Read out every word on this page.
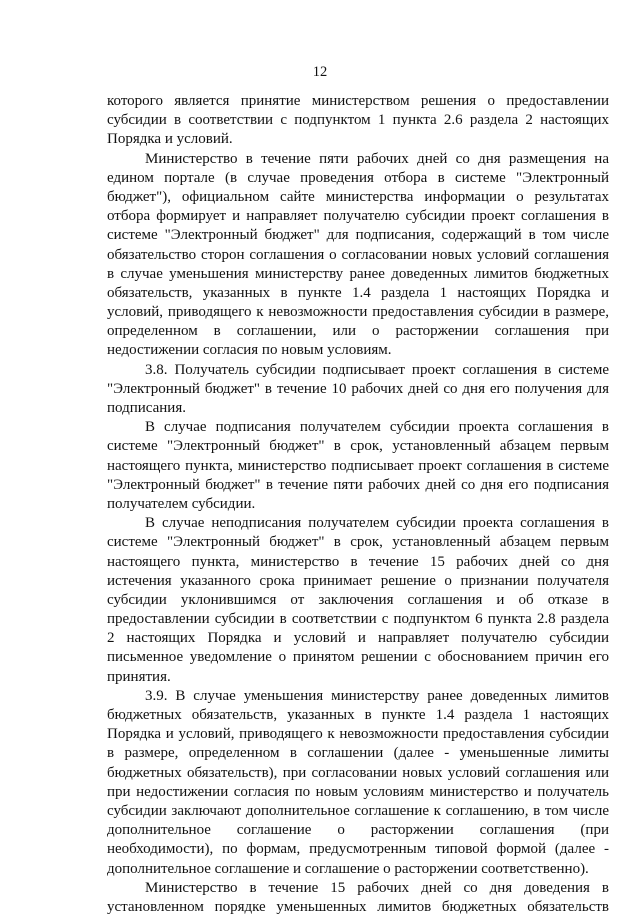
12
которого является принятие министерством решения о предоставлении
субсидии в соответствии с подпунктом 1 пункта 2.6 раздела 2 настоящих
Порядка и условий.
Министерство в течение пяти рабочих дней со дня размещения на
едином портале (в случае проведения отбора в системе "Электронный
бюджет"), официальном сайте министерства информации о результатах
отбора формирует и направляет получателю субсидии проект соглашения в
системе "Электронный бюджет" для подписания, содержащий в том числе
обязательство сторон соглашения о согласовании новых условий соглашения
в случае уменьшения министерству ранее доведенных лимитов бюджетных
обязательств, указанных в пункте 1.4 раздела 1 настоящих Порядка и
условий, приводящего к невозможности предоставления субсидии в размере,
определенном в соглашении, или о расторжении соглашения при
недостижении согласия по новым условиям.
3.8. Получатель субсидии подписывает проект соглашения в системе
"Электронный бюджет" в течение 10 рабочих дней со дня его получения для
подписания.
В случае подписания получателем субсидии проекта соглашения в
системе "Электронный бюджет" в срок, установленный абзацем первым
настоящего пункта, министерство подписывает проект соглашения в системе
"Электронный бюджет" в течение пяти рабочих дней со дня его подписания
получателем субсидии.
В случае неподписания получателем субсидии проекта соглашения в
системе "Электронный бюджет" в срок, установленный абзацем первым
настоящего пункта, министерство в течение 15 рабочих дней со дня
истечения указанного срока принимает решение о признании получателя
субсидии уклонившимся от заключения соглашения и об отказе в
предоставлении субсидии в соответствии с подпунктом 6 пункта 2.8 раздела
2 настоящих Порядка и условий и направляет получателю субсидии
письменное уведомление о принятом решении с обоснованием причин его
принятия.
3.9. В случае уменьшения министерству ранее доведенных лимитов
бюджетных обязательств, указанных в пункте 1.4 раздела 1 настоящих
Порядка и условий, приводящего к невозможности предоставления субсидии
в размере, определенном в соглашении (далее - уменьшенные лимиты
бюджетных обязательств), при согласовании новых условий соглашения или
при недостижении согласия по новым условиям министерство и получатель
субсидии заключают дополнительное соглашение к соглашению, в том числе
дополнительное соглашение о расторжении соглашения (при
необходимости), по формам, предусмотренным типовой формой (далее -
дополнительное соглашение и соглашение о расторжении соответственно).
Министерство в течение 15 рабочих дней со дня доведения в
установленном порядке уменьшенных лимитов бюджетных обязательств
